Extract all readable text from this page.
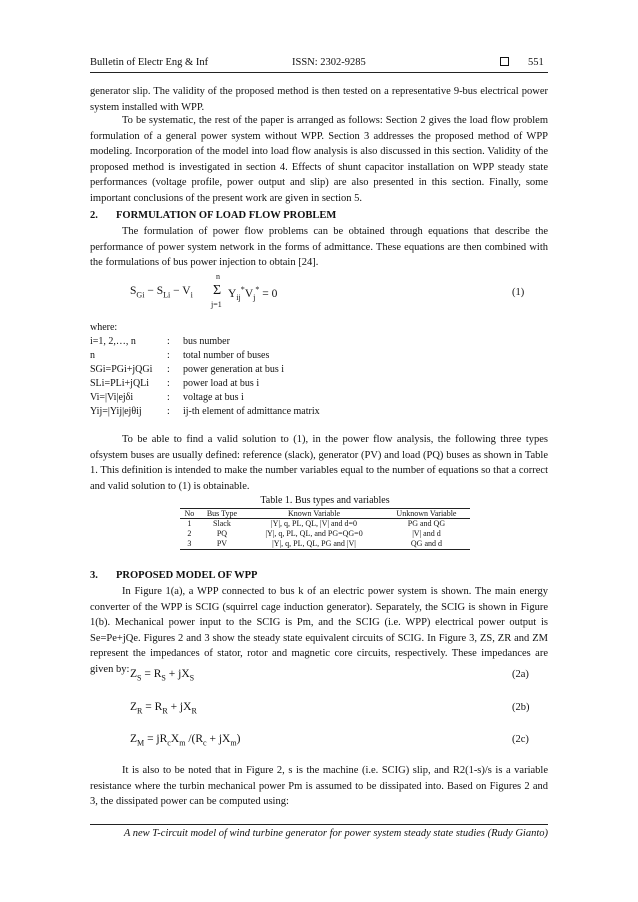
Bulletin of Electr Eng & Inf	ISSN: 2302-9285	551

generator slip. The validity of the proposed method is then tested on a representative 9-bus electrical power system installed with WPP.

To be systematic, the rest of the paper is arranged as follows: Section 2 gives the load flow problem formulation of a general power system without WPP. Section 3 addresses the proposed method of WPP modeling. Incorporation of the model into load flow analysis is also discussed in this section. Validity of the proposed method is investigated in section 4. Effects of shunt capacitor installation on WPP steady state performances (voltage profile, power output and slip) are also presented in this section. Finally, some important conclusions of the present work are given in section 5.

2. FORMULATION OF LOAD FLOW PROBLEM

The formulation of power flow problems can be obtained through equations that describe the performance of power system network in the forms of admittance. These equations are then combined with the formulations of bus power injection to obtain [24].

$S_{Gi} - S_{Li} - V_i$
n
Σ
j=1
$Y_{ij}^*V_j^* = 0$	(1)
where:
i=1, 2,…, n	: bus number
n	: total number of buses
SGi=PGi+jQGi : power generation at bus i
SLi=PLi+jQLi : power load at bus i
Vi=|Vi|ejδi	: voltage at bus i
Yij=|Yij|ejθij	: ij-th element of admittance matrix

To be able to find a valid solution to (1), in the power flow analysis, the following three types ofsystem buses are usually defined: reference (slack), generator (PV) and load (PQ) buses as shown in Table 1. This definition is intended to make the number variables equal to the number of equations so that a correct and valid solution to (1) is obtainable.

Table 1. Bus types and variables
No	Bus Type	Known Variable	Unknown Variable
1	Slack	|Y|, q, PL, QL, |V| and d=0	PG and QG
2	PQ	|Y|, q, PL, QL, and PG=QG=0	|V| and d
3	PV	|Y|, q, PL, QL, PG and |V|	QG and d
3. PROPOSED MODEL OF WPP

In Figure 1(a), a WPP connected to bus k of an electric power system is shown. The main energy converter of the WPP is SCIG (squirrel cage induction generator). Separately, the SCIG is shown in Figure 1(b). Mechanical power input to the SCIG is Pm, and the SCIG (i.e. WPP) electrical power output is Se=Pe+jQe. Figures 2 and 3 show the steady state equivalent circuits of SCIG. In Figure 3, ZS, ZR and ZM represent the impedances of stator, rotor and magnetic core circuits, respectively. These impedances are given by: $Z_S = R_S + jX_S$	(2a)
$Z_R = R_R + jX_R$	(2b)
$Z_M = jR_cX_m$ $/(R_c + jX_m)$	(2c)

It is also to be noted that in Figure 2, s is the machine (i.e. SCIG) slip, and R2(1-s)/s is a variable resistance where the turbin mechanical power Pm is assumed to be dissipated into. Based on Figures 2 and 3, the dissipated power can be computed using:

A new T-circuit model of wind turbine generator for power system steady state studies (Rudy Gianto)
